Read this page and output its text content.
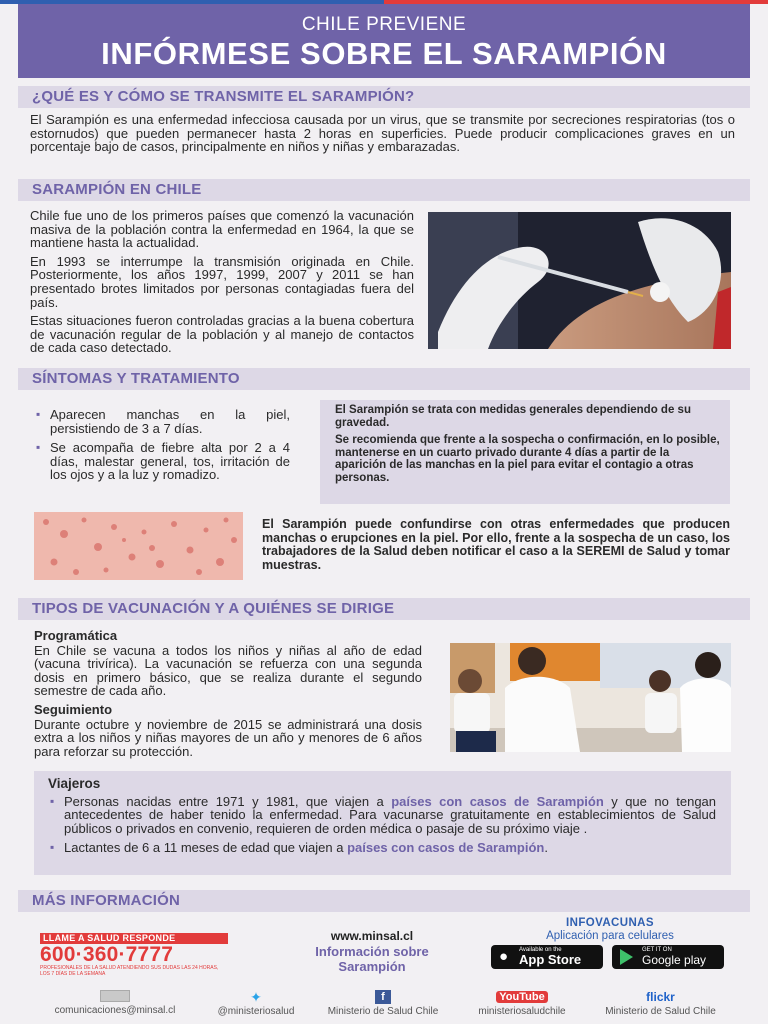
CHILE PREVIENE
INFÓRMESE SOBRE EL SARAMPIÓN
¿QUÉ ES Y CÓMO SE TRANSMITE EL SARAMPIÓN?

El Sarampión es una enfermedad infecciosa causada por un virus, que se transmite por secreciones respiratorias (tos o estornudos) que pueden permanecer hasta 2 horas en superficies. Puede producir complicaciones graves en un porcentaje bajo de casos, principalmente en niños y niñas y embarazadas.

SARAMPIÓN EN CHILE

Chile fue uno de los primeros países que comenzó la vacunación masiva de la población contra la enfermedad en 1964, la que se mantiene hasta la actualidad.

En 1993 se interrumpe la transmisión originada en Chile. Posteriormente, los años 1997, 1999, 2007 y 2011 se han presentado brotes limitados por personas contagiadas fuera del país.

Estas situaciones fueron controladas gracias a la buena cobertura de vacunación regular de la población y al manejo de contactos de cada caso detectado.

SÍNTOMAS Y TRATAMIENTO
▪ Aparecen manchas en la piel, persistiendo de 3 a 7 días.
▪ Se acompaña de fiebre alta por 2 a 4 días, malestar general, tos, irritación de los ojos y a la luz y romadizo.

El Sarampión se trata con medidas generales dependiendo de su gravedad.

Se recomienda que frente a la sospecha o confirmación, en lo posible, mantenerse en un cuarto privado durante 4 días a partir de la aparición de las manchas en la piel para evitar el contagio a otras personas.

El Sarampión puede confundirse con otras enfermedades que producen manchas o erupciones en la piel. Por ello, frente a la sospecha de un caso, los trabajadores de la Salud deben notificar el caso a la SEREMI de Salud y tomar muestras.

TIPOS DE VACUNACIÓN Y A QUIÉNES SE DIRIGE

Programática

En Chile se vacuna a todos los niños y niñas al año de edad (vacuna trivírica). La vacunación se refuerza con una segunda dosis en primero básico, que se realiza durante el segundo semestre de cada año.

Seguimiento

Durante octubre y noviembre de 2015 se administrará una dosis extra a los niños y niñas mayores de un año y menores de 6 años para reforzar su protección.

Viajeros

▪ Personas nacidas entre 1971 y 1981, que viajen a países con casos de Sarampión y que no tengan antecedentes de haber tenido la enfermedad. Para vacunarse gratuitamente en establecimientos de Salud públicos o privados en convenio, requieren de orden médica o pasaje de su próximo viaje .
▪ Lactantes de 6 a 11 meses de edad que viajen a países con casos de Sarampión.
MÁS INFORMACIÓN
LLAME A SALUD RESPONDE
600·360·7777
PROFESIONALES DE LA SALUD ATENDIENDO SUS DUDAS LAS 24 HORAS, LOS 7 DÍAS DE LA SEMANA
www.minsal.cl
Información sobre Sarampión
INFOVACUNAS
Aplicación para celulares
● Available on the
App Store
GET IT ON
Google play
comunicaciones@minsal.cl
✦
@ministeriosalud
f
Ministerio de Salud Chile
YouTube
ministeriosaludchile
flickr
Ministerio de Salud Chile
